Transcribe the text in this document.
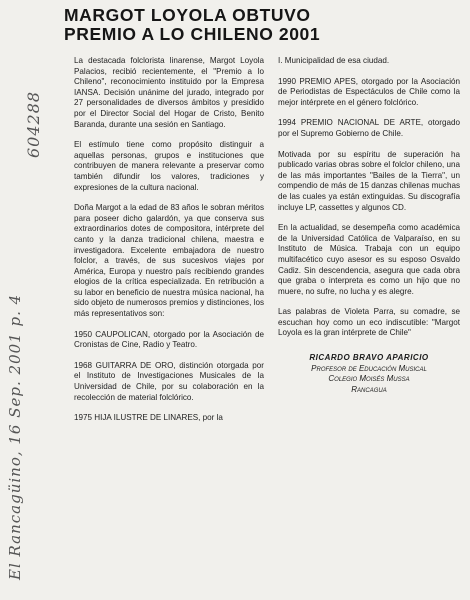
604288
El Rancagüino, 16 Sep. 2001 p. 4
MARGOT LOYOLA OBTUVO
PREMIO A LO CHILENO 2001

La destacada folclorista linarense, Margot Loyola Palacios, recibió recientemente, el "Premio a lo Chileno", reconocimiento instituido por la Empresa IANSA. Decisión unánime del jurado, integrado por 27 personalidades de diversos ámbitos y presidido por el Director Social del Hogar de Cristo, Benito Baranda, durante una sesión en Santiago.

El estímulo tiene como propósito distinguir a aquellas personas, grupos e instituciones que contribuyen de manera relevante a preservar como también difundir los valores, tradiciones y expresiones de la cultura nacional.

Doña Margot a la edad de 83 años le sobran méritos para poseer dicho galardón, ya que conserva sus extraordinarios dotes de compositora, intérprete del canto y la danza tradicional chilena, maestra e investigadora. Excelente embajadora de nuestro folclor, a través, de sus sucesivos viajes por América, Europa y nuestro país recibiendo grandes elogios de la crítica especializada. En retribución a su labor en beneficio de nuestra música nacional, ha sido objeto de numerosos premios y distinciones, los más representativos son:

1950 CAUPOLICAN, otorgado por la Asociación de Cronistas de Cine, Radio y Teatro.

1968 GUITARRA DE ORO, distinción otorgada por el Instituto de Investigaciones Musicales de la Universidad de Chile, por su colaboración en la recolección de material folclórico.

1975 HIJA ILUSTRE DE LINARES, por la

I. Municipalidad de esa ciudad.

1990 PREMIO APES, otorgado por la Asociación de Periodistas de Espectáculos de Chile como la mejor intérprete en el género folclórico.

1994 PREMIO NACIONAL DE ARTE, otorgado por el Supremo Gobierno de Chile.

Motivada por su espíritu de superación ha publicado varias obras sobre el folclor chileno, una de las más importantes "Bailes de la Tierra", un compendio de más de 15 danzas chilenas muchas de las cuales ya están extinguidas. Su discografía incluye LP, cassettes y algunos CD.

En la actualidad, se desempeña como académica de la Universidad Católica de Valparaíso, en su Instituto de Música. Trabaja con un equipo multifacético cuyo asesor es su esposo Osvaldo Cadiz. Sin descendencia, asegura que cada obra que graba o interpreta es como un hijo que no muere, no sufre, no lucha y es alegre.

Las palabras de Violeta Parra, su comadre, se escuchan hoy como un eco indiscutible: "Margot Loyola es la gran intérprete de Chile"

RICARDO BRAVO APARICIO
Profesor de Educación Musical
Colegio Moisés Mussa
Rancagua
